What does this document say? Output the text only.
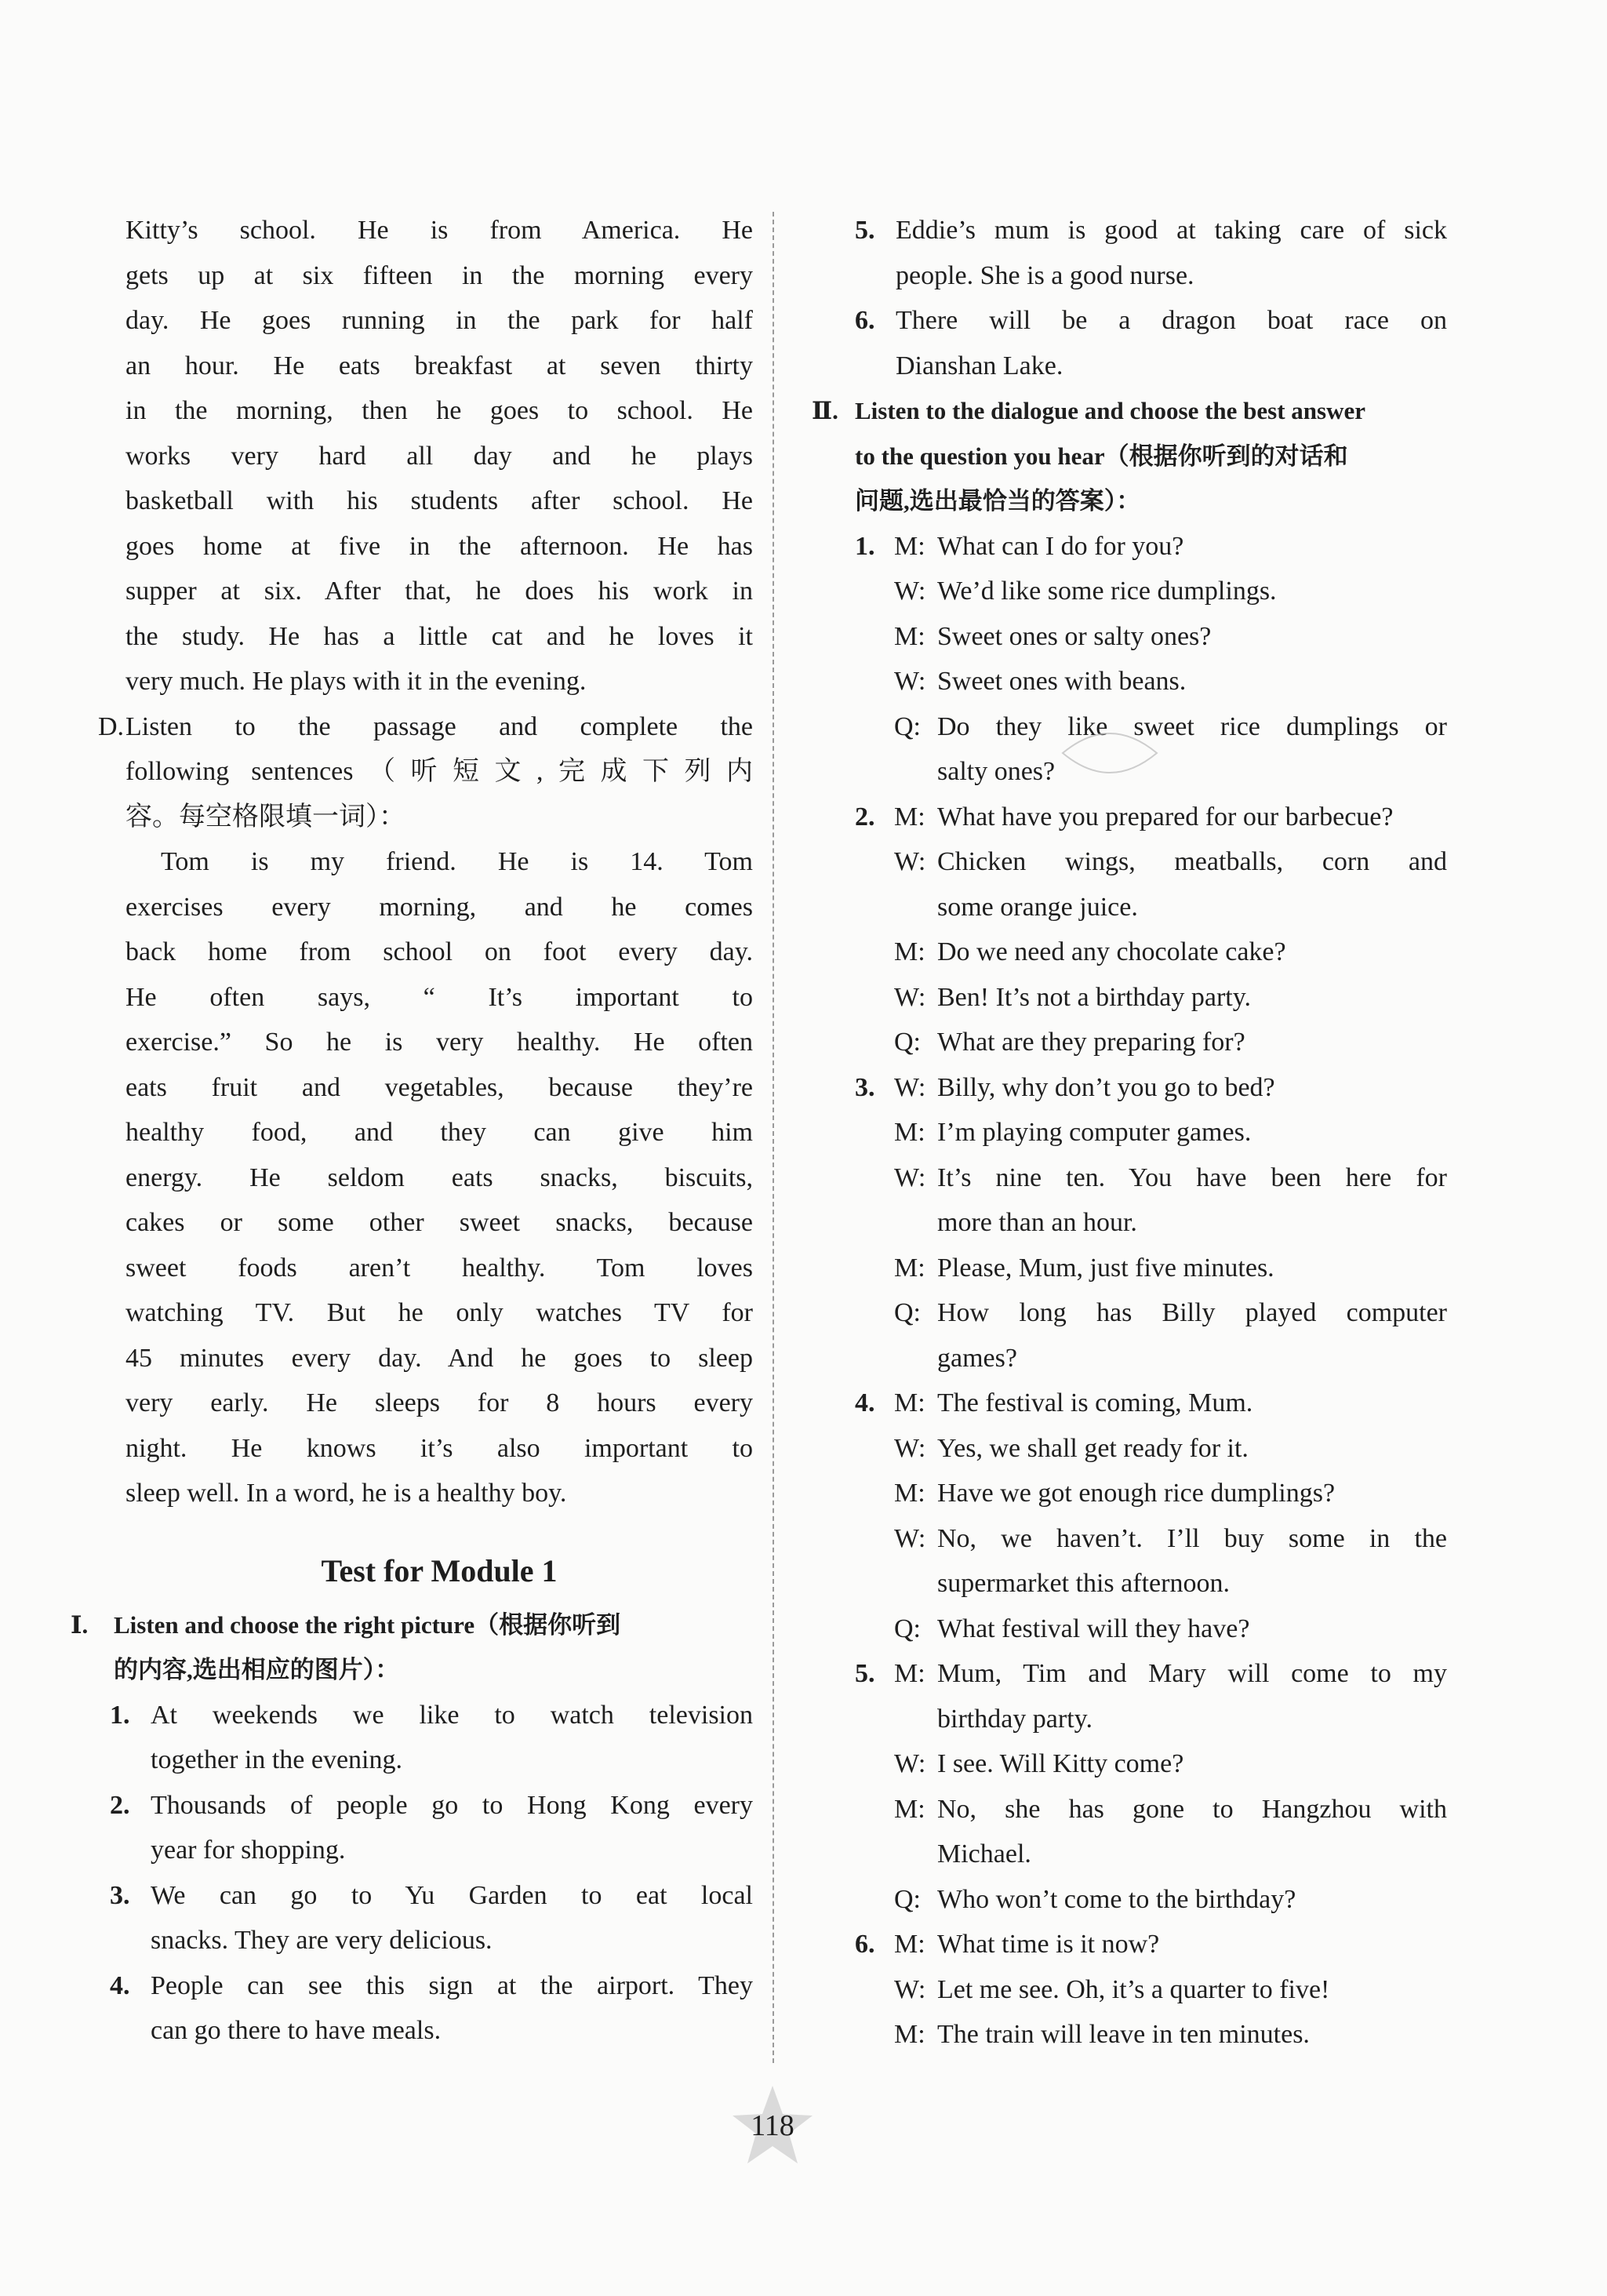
Kitty’s school. He is from America. He

gets up at six fifteen in the morning every

day. He goes running in the park for half

an hour. He eats breakfast at seven thirty

in the morning, then he goes to school. He

works very hard all day and he plays

basketball with his students after school. He

goes home at five in the afternoon. He has

supper at six. After that, he does his work in

the study. He has a little cat and he loves it

very much. He plays with it in the evening.

D. Listen to the passage and complete the

following sentences（听短文,完成下列内

容。每空格限填一词）：

Tom is my friend. He is 14. Tom

exercises every morning, and he comes

back home from school on foot every day.

He often says, “ It’s important to

exercise.” So he is very healthy. He often

eats fruit and vegetables, because they’re

healthy food, and they can give him

energy. He seldom eats snacks, biscuits,

cakes or some other sweet snacks, because

sweet foods aren’t healthy. Tom loves

watching TV. But he only watches TV for

45 minutes every day. And he goes to sleep

very early. He sleeps for 8 hours every

night. He knows it’s also important to

sleep well. In a word, he is a healthy boy.

Test for Module 1
Ⅰ. Listen and choose the right picture（根据你听到

的内容,选出相应的图片）：

1. At weekends we like to watch television

together in the evening.

2. Thousands of people go to Hong Kong every

year for shopping.

3. We can go to Yu Garden to eat local

snacks. They are very delicious.

4. People can see this sign at the airport. They

can go there to have meals.

5. Eddie’s mum is good at taking care of sick

people. She is a good nurse.

6. There will be a dragon boat race on

Dianshan Lake.

Ⅱ. Listen to the dialogue and choose the best answer

to the question you hear（根据你听到的对话和

问题,选出最恰当的答案）：

1. M: What can I do for you?

W: We’d like some rice dumplings.

M: Sweet ones or salty ones?

W: Sweet ones with beans.

Q: Do they like sweet rice dumplings or

salty ones?

2. M: What have you prepared for our barbecue?

W: Chicken wings, meatballs, corn and

some orange juice.

M: Do we need any chocolate cake?

W: Ben! It’s not a birthday party.

Q: What are they preparing for?

3. W: Billy, why don’t you go to bed?

M: I’m playing computer games.

W: It’s nine ten. You have been here for

more than an hour.

M: Please, Mum, just five minutes.

Q: How long has Billy played computer

games?

4. M: The festival is coming, Mum.

W: Yes, we shall get ready for it.

M: Have we got enough rice dumplings?

W: No, we haven’t. I’ll buy some in the

supermarket this afternoon.

Q: What festival will they have?

5. M: Mum, Tim and Mary will come to my

birthday party.

W: I see. Will Kitty come?

M: No, she has gone to Hangzhou with

Michael.

Q: Who won’t come to the birthday?

6. M: What time is it now?

W: Let me see. Oh, it’s a quarter to five!

M: The train will leave in ten minutes.

118
